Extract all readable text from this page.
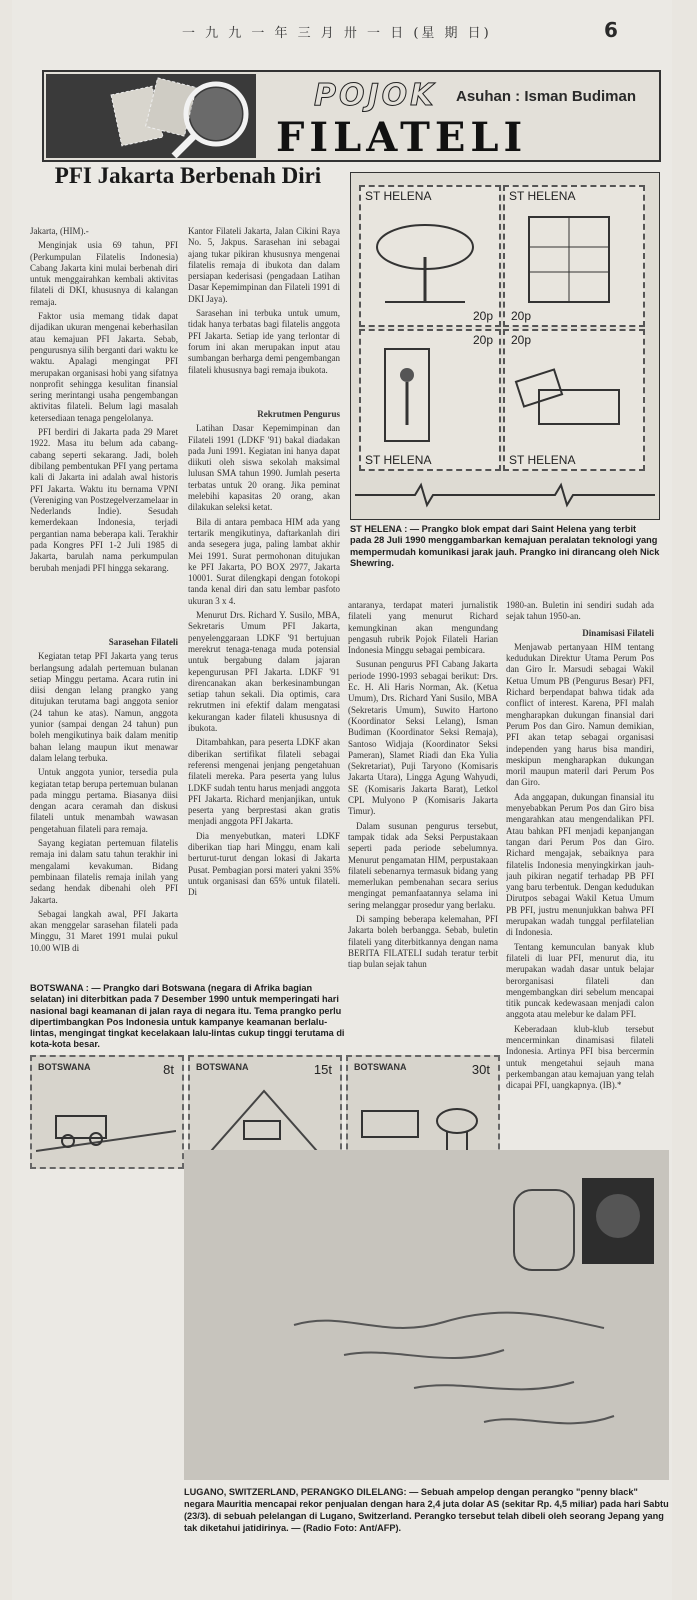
一 九 九 一 年 三 月 卅 一 日 (星 期 日)	6
POJOK Asuhan : Isman Budiman
FILATELI
PFI Jakarta Berbenah Diri

Jakarta, (HIM).-

Menginjak usia 69 tahun, PFI (Perkumpulan Filatelis Indonesia) Cabang Jakarta kini mulai berbenah diri untuk menggairahkan kembali aktivitas filateli di DKI, khususnya di kalangan remaja.

Faktor usia memang tidak dapat dijadikan ukuran mengenai keberhasilan atau kemajuan PFI Jakarta. Sebab, pengurusnya silih berganti dari waktu ke waktu. Apalagi mengingat PFI merupakan organisasi hobi yang sifatnya nonprofit sehingga kesulitan finansial sering merintangi usaha pengembangan aktivitas filateli. Belum lagi masalah ketersediaan tenaga pengelolanya.

PFI berdiri di Jakarta pada 29 Maret 1922. Masa itu belum ada cabang-cabang seperti sekarang. Jadi, boleh dibilang pembentukan PFI yang pertama kali di Jakarta ini adalah awal historis PFI Jakarta. Waktu itu bernama VPNI (Vereniging van Postzegelverzamelaar in Nederlands Indie). Sesudah kemerdekaan Indonesia, terjadi pergantian nama beberapa kali. Terakhir pada Kongres PFI 1-2 Juli 1985 di Jakarta, barulah nama perkumpulan berubah menjadi PFI hingga sekarang.

Sarasehan Filateli

Kegiatan tetap PFI Jakarta yang terus berlangsung adalah pertemuan bulanan setiap Minggu pertama. Acara rutin ini diisi dengan lelang prangko yang ditujukan terutama bagi anggota senior (24 tahun ke atas). Namun, anggota yunior (sampai dengan 24 tahun) pun boleh mengikutinya baik dalam menitip bahan lelang maupun ikut menawar dalam lelang terbuka.

Untuk anggota yunior, tersedia pula kegiatan tetap berupa pertemuan bulanan pada minggu pertama. Biasanya diisi dengan acara ceramah dan diskusi filateli untuk menambah wawasan pengetahuan filateli para remaja.

Sayang kegiatan pertemuan filatelis remaja ini dalam satu tahun terakhir ini mengalami kevakuman. Bidang pembinaan filatelis remaja inilah yang sedang hendak dibenahi oleh PFI Jakarta.

Sebagai langkah awal, PFI Jakarta akan menggelar sarasehan filateli pada Minggu, 31 Maret 1991 mulai pukul 10.00 WIB di

Kantor Filateli Jakarta, Jalan Cikini Raya No. 5, Jakpus. Sarasehan ini sebagai ajang tukar pikiran khususnya mengenai filatelis remaja di ibukota dan dalam persiapan kederisasi (pengadaan Latihan Dasar Kepemimpinan dan Filateli 1991 di DKI Jaya).

Sarasehan ini terbuka untuk umum, tidak hanya terbatas bagi filatelis anggota PFI Jakarta. Setiap ide yang terlontar di forum ini akan merupakan input atau sumbangan berharga demi pengembangan filateli khususnya bagi remaja ibukota.

Rekrutmen Pengurus

Latihan Dasar Kepemimpinan dan Filateli 1991 (LDKF '91) bakal diadakan pada Juni 1991. Kegiatan ini hanya dapat diikuti oleh siswa sekolah maksimal lulusan SMA tahun 1990. Jumlah peserta terbatas untuk 20 orang. Jika peminat melebihi kapasitas 20 orang, akan dilakukan seleksi ketat.

Bila di antara pembaca HIM ada yang tertarik mengikutinya, daftarkanlah diri anda sesegera juga, paling lambat akhir Mei 1991. Surat permohonan ditujukan ke PFI Jakarta, PO BOX 2977, Jakarta 10001. Surat dilengkapi dengan fotokopi tanda kenal diri dan satu lembar pasfoto ukuran 3 x 4.

Menurut Drs. Richard Y. Susilo, MBA, Sekretaris Umum PFI Jakarta, penyelenggaraan LDKF '91 bertujuan merekrut tenaga-tenaga muda potensial untuk bergabung dalam jajaran kepengurusan PFI Jakarta. LDKF '91 direncanakan akan berkesinambungan setiap tahun sekali. Dia optimis, cara rekrutmen ini efektif dalam mengatasi kekurangan kader filateli khususnya di ibukota.

Ditambahkan, para peserta LDKF akan diberikan sertifikat filateli sebagai referensi mengenai jenjang pengetahuan filateli mereka. Para peserta yang lulus LDKF sudah tentu harus menjadi anggota PFI Jakarta. Richard menjanjikan, untuk peserta yang berprestasi akan gratis menjadi anggota PFI Jakarta.

Dia menyebutkan, materi LDKF diberikan tiap hari Minggu, enam kali berturut-turut dengan lokasi di Jakarta Pusat. Pembagian porsi materi yakni 35% untuk organisasi dan 65% untuk filateli. Di

ST HELENA
20p
ST HELENA
20p
20p
ST HELENA
20p
ST HELENA
ST HELENA : — Prangko blok empat dari Saint Helena yang terbit pada 28 Juli 1990 menggambarkan kemajuan peralatan teknologi yang mempermudah komunikasi jarak jauh. Prangko ini dirancang oleh Nick Shewring.

antaranya, terdapat materi jurnalistik filateli yang menurut Richard kemungkinan akan mengundang pengasuh rubrik Pojok Filateli Harian Indonesia Minggu sebagai pembicara.

Susunan pengurus PFI Cabang Jakarta periode 1990-1993 sebagai berikut: Drs. Ec. H. Ali Haris Norman, Ak. (Ketua Umum), Drs. Richard Yani Susilo, MBA (Sekretaris Umum), Suwito Hartono (Koordinator Seksi Lelang), Isman Budiman (Koordinator Seksi Remaja), Santoso Widjaja (Koordinator Seksi Pameran), Slamet Riadi dan Eka Yulia (Sekretariat), Puji Taryono (Komisaris Jakarta Utara), Lingga Agung Wahyudi, SE (Komisaris Jakarta Barat), Letkol CPL Mulyono P (Komisaris Jakarta Timur).

Dalam susunan pengurus tersebut, tampak tidak ada Seksi Perpustakaan seperti pada periode sebelumnya. Menurut pengamatan HIM, perpustakaan filateli sebenarnya termasuk bidang yang memerlukan pembenahan secara serius mengingat pemanfaatannya selama ini sering melanggar prosedur yang berlaku.

Di samping beberapa kelemahan, PFI Jakarta boleh berbangga. Sebab, buletin filateli yang diterbitkannya dengan nama BERITA FILATELI sudah teratur terbit tiap bulan sejak tahun

1980-an. Buletin ini sendiri sudah ada sejak tahun 1950-an.

Dinamisasi Filateli

Menjawab pertanyaan HIM tentang kedudukan Direktur Utama Perum Pos dan Giro Ir. Marsudi sebagai Wakil Ketua Umum PB (Pengurus Besar) PFI, Richard berpendapat bahwa tidak ada conflict of interest. Karena, PFI malah mengharapkan dukungan finansial dari Perum Pos dan Giro. Namun demikian, PFI akan tetap sebagai organisasi independen yang harus bisa mandiri, meskipun mengharapkan dukungan moril maupun materil dari Perum Pos dan Giro.

Ada anggapan, dukungan finansial itu menyebabkan Perum Pos dan Giro bisa mengarahkan atau mengendalikan PFI. Atau bahkan PFI menjadi kepanjangan tangan dari Perum Pos dan Giro. Richard mengajak, sebaiknya para filatelis Indonesia menyingkirkan jauh-jauh pikiran negatif terhadap PB PFI yang baru terbentuk. Dengan kedudukan Dirutpos sebagai Wakil Ketua Umum PB PFI, justru menunjukkan bahwa PFI merupakan wadah tunggal perfilatelian di Indonesia.

Tentang kemunculan banyak klub filateli di luar PFI, menurut dia, itu merupakan wadah dasar untuk belajar berorganisasi filateli dan mengembangkan diri sebelum mencapai titik puncak kedewasaan menjadi calon anggota atau melebur ke dalam PFI.

Keberadaan klub-klub tersebut mencerminkan dinamisasi filateli Indonesia. Artinya PFI bisa bercermin untuk mengetahui sejauh mana perkembangan atau kemajuan yang telah dicapai PFI, uangkapnya. (IB).*

BOTSWANA : — Prangko dari Botswana (negara di Afrika bagian selatan) ini diterbitkan pada 7 Desember 1990 untuk memperingati hari nasional bagi keamanan di jalan raya di negara itu. Tema prangko perlu dipertimbangkan Pos Indonesia untuk kampanye keamanan berlalu-lintas, mengingat tingkat kecelakaan lalu-lintas cukup tinggi terutama di kota-kota besar.
BOTSWANA	8t BOTSWANA	15t BOTSWANA	30t
LUGANO, SWITZERLAND, PERANGKO DILELANG: — Sebuah ampelop dengan perangko "penny black" negara Mauritia mencapai rekor penjualan dengan hara 2,4 juta dolar AS (sekitar Rp. 4,5 miliar) pada hari Sabtu (23/3). di sebuah pelelangan di Lugano, Switzerland. Perangko tersebut telah dibeli oleh seorang Jepang yang tak diketahui jatidirinya. — (Radio Foto: Ant/AFP).
